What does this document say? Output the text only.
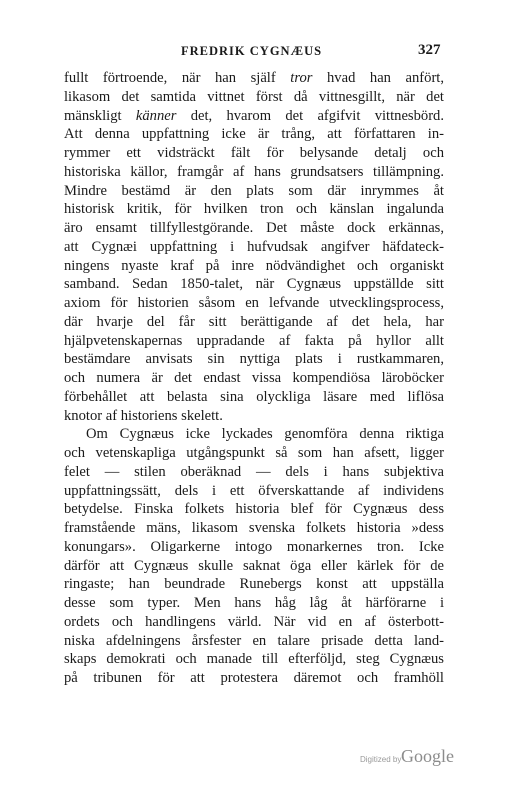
FREDRIK CYGNÆUS	327
fullt förtroende, när han själf tror hvad han anfört,
likasom det samtida vittnet först då vittnesgillt, när det
mänskligt känner det, hvarom det afgifvit vittnesbörd.
Att denna uppfattning icke är trång, att författaren in-
rymmer ett vidsträckt fält för belysande detalj och
historiska källor, framgår af hans grundsatsers tillämpning.
Mindre bestämd är den plats som där inrymmes åt
historisk kritik, för hvilken tron och känslan ingalunda
äro ensamt tillfyllestgörande. Det måste dock erkännas,
att Cygnæi uppfattning i hufvudsak angifver häfdateck-
ningens nyaste kraf på inre nödvändighet och organiskt
samband. Sedan 1850-talet, när Cygnæus uppställde sitt
axiom för historien såsom en lefvande utvecklingsprocess,
där hvarje del får sitt berättigande af det hela, har
hjälpvetenskapernas uppradande af fakta på hyllor allt
bestämdare anvisats sin nyttiga plats i rustkammaren,
och numera är det endast vissa kompendiösa läroböcker
förbehållet att belasta sina olyckliga läsare med liflösa
knotor af historiens skelett.
Om Cygnæus icke lyckades genomföra denna riktiga
och vetenskapliga utgångspunkt så som han afsett, ligger
felet — stilen oberäknad — dels i hans subjektiva
uppfattningssätt, dels i ett öfverskattande af individens
betydelse. Finska folkets historia blef för Cygnæus dess
framstående mäns, likasom svenska folkets historia »dess
konungars». Oligarkerne intogo monarkernes tron. Icke
därför att Cygnæus skulle saknat öga eller kärlek för de
ringaste; han beundrade Runebergs konst att uppställa
desse som typer. Men hans håg låg åt härförarne i
ordets och handlingens värld. När vid en af österbott-
niska afdelningens årsfester en talare prisade detta land-
skaps demokrati och manade till efterföljd, steg Cygnæus
på tribunen för att protestera däremot och framhöll
Digitized by Google
